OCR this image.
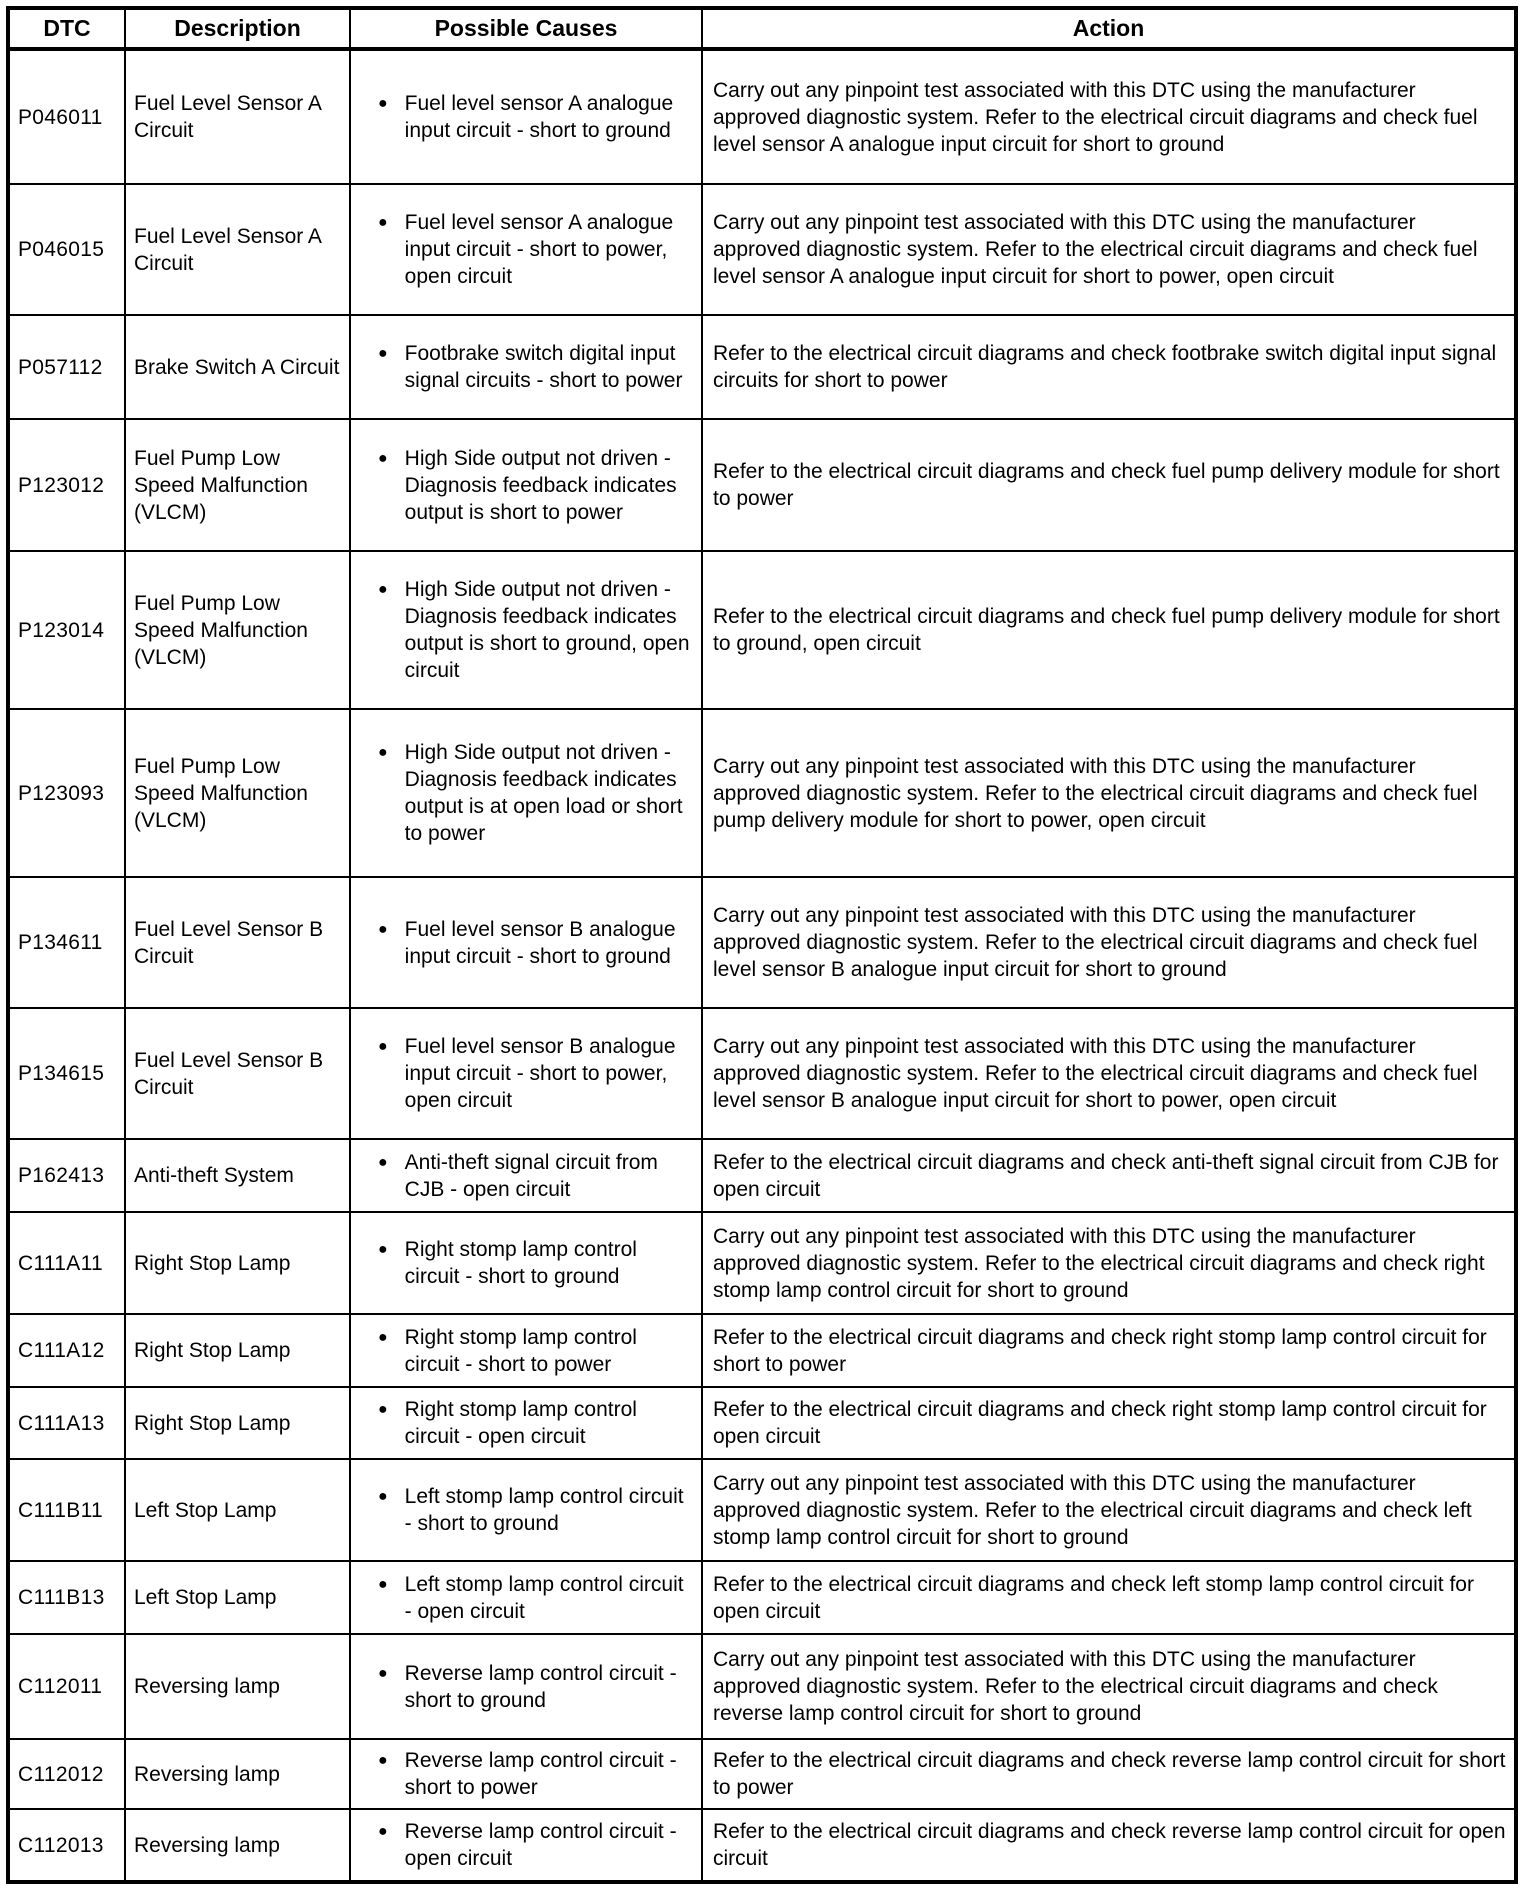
DTC	Description	Possible Causes	Action
P046011	Fuel Level Sensor A Circuit	● Fuel level sensor A analogue input circuit - short to ground	Carry out any pinpoint test associated with this DTC using the manufacturer approved diagnostic system. Refer to the electrical circuit diagrams and check fuel level sensor A analogue input circuit for short to ground
P046015	Fuel Level Sensor A Circuit	● Fuel level sensor A analogue input circuit - short to power, open circuit	Carry out any pinpoint test associated with this DTC using the manufacturer approved diagnostic system. Refer to the electrical circuit diagrams and check fuel level sensor A analogue input circuit for short to power, open circuit
P057112	Brake Switch A Circuit	● Footbrake switch digital input signal circuits - short to power	Refer to the electrical circuit diagrams and check footbrake switch digital input signal circuits for short to power
P123012	Fuel Pump Low Speed Malfunction (VLCM)	● High Side output not driven - Diagnosis feedback indicates output is short to power	Refer to the electrical circuit diagrams and check fuel pump delivery module for short to power
P123014	Fuel Pump Low Speed Malfunction (VLCM)	● High Side output not driven - Diagnosis feedback indicates output is short to ground, open circuit	Refer to the electrical circuit diagrams and check fuel pump delivery module for short to ground, open circuit
P123093	Fuel Pump Low Speed Malfunction (VLCM)	● High Side output not driven - Diagnosis feedback indicates output is at open load or short to power	Carry out any pinpoint test associated with this DTC using the manufacturer approved diagnostic system. Refer to the electrical circuit diagrams and check fuel pump delivery module for short to power, open circuit
P134611	Fuel Level Sensor B Circuit	● Fuel level sensor B analogue input circuit - short to ground	Carry out any pinpoint test associated with this DTC using the manufacturer approved diagnostic system. Refer to the electrical circuit diagrams and check fuel level sensor B analogue input circuit for short to ground
P134615	Fuel Level Sensor B Circuit	● Fuel level sensor B analogue input circuit - short to power, open circuit	Carry out any pinpoint test associated with this DTC using the manufacturer approved diagnostic system. Refer to the electrical circuit diagrams and check fuel level sensor B analogue input circuit for short to power, open circuit
P162413	Anti-theft System	● Anti-theft signal circuit from CJB - open circuit	Refer to the electrical circuit diagrams and check anti-theft signal circuit from CJB for open circuit
C111A11	Right Stop Lamp	● Right stomp lamp control circuit - short to ground	Carry out any pinpoint test associated with this DTC using the manufacturer approved diagnostic system. Refer to the electrical circuit diagrams and check right stomp lamp control circuit for short to ground
C111A12	Right Stop Lamp	● Right stomp lamp control circuit - short to power	Refer to the electrical circuit diagrams and check right stomp lamp control circuit for short to power
C111A13	Right Stop Lamp	● Right stomp lamp control circuit - open circuit	Refer to the electrical circuit diagrams and check right stomp lamp control circuit for open circuit
C111B11	Left Stop Lamp	● Left stomp lamp control circuit - short to ground	Carry out any pinpoint test associated with this DTC using the manufacturer approved diagnostic system. Refer to the electrical circuit diagrams and check left stomp lamp control circuit for short to ground
C111B13	Left Stop Lamp	● Left stomp lamp control circuit - open circuit	Refer to the electrical circuit diagrams and check left stomp lamp control circuit for open circuit
C112011	Reversing lamp	● Reverse lamp control circuit - short to ground	Carry out any pinpoint test associated with this DTC using the manufacturer approved diagnostic system. Refer to the electrical circuit diagrams and check reverse lamp control circuit for short to ground
C112012	Reversing lamp	● Reverse lamp control circuit - short to power	Refer to the electrical circuit diagrams and check reverse lamp control circuit for short to power
C112013	Reversing lamp	● Reverse lamp control circuit - open circuit	Refer to the electrical circuit diagrams and check reverse lamp control circuit for open circuit
